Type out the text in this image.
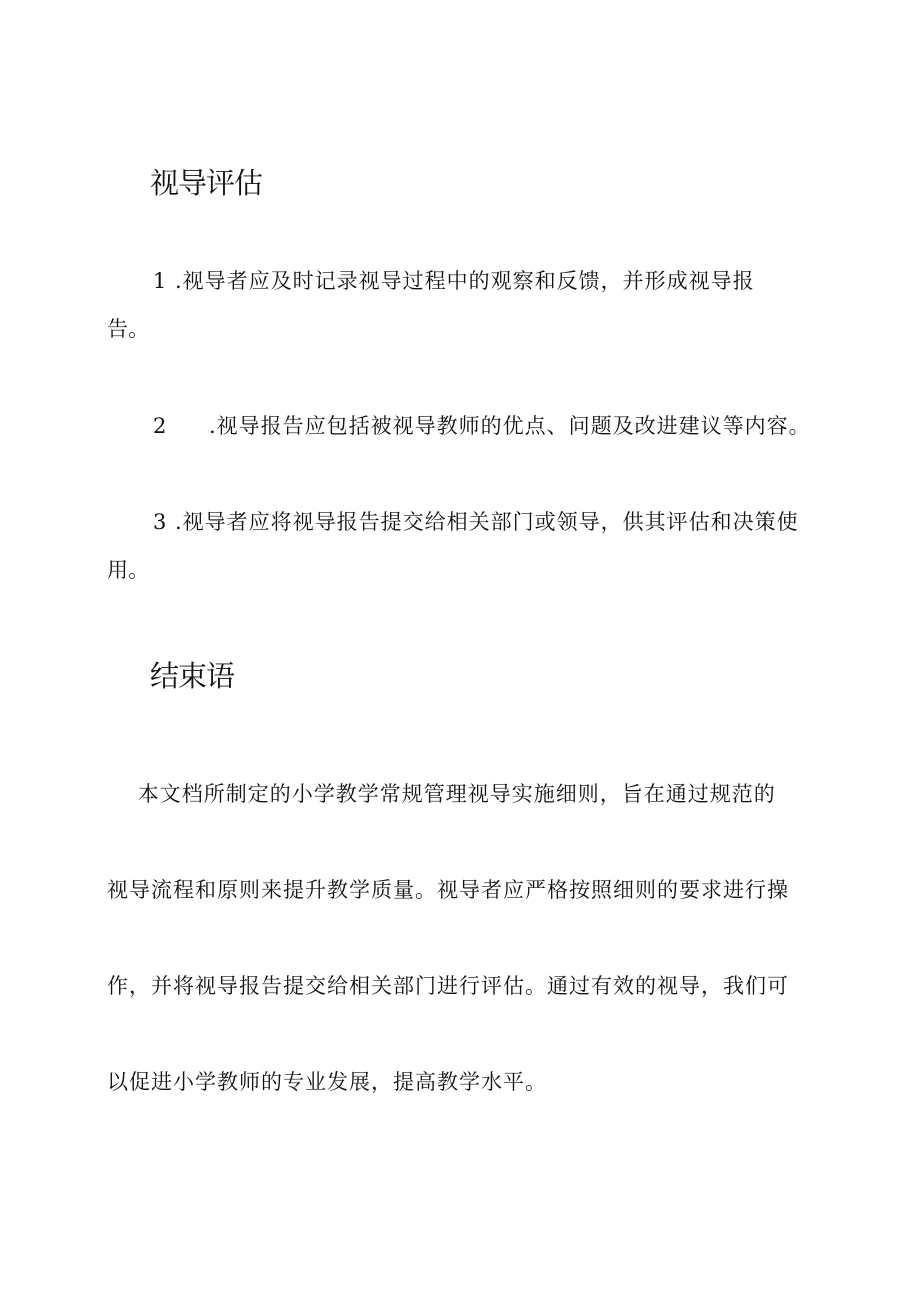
视导评估

1 .视导者应及时记录视导过程中的观察和反馈，并形成视导报
告。

2 .视导报告应包括被视导教师的优点、问题及改进建议等内容。

3 .视导者应将视导报告提交给相关部门或领导，供其评估和决策使
用。

结束语

本文档所制定的小学教学常规管理视导实施细则，旨在通过规范的

视导流程和原则来提升教学质量。视导者应严格按照细则的要求进行操

作，并将视导报告提交给相关部门进行评估。通过有效的视导，我们可

以促进小学教师的专业发展，提高教学水平。
